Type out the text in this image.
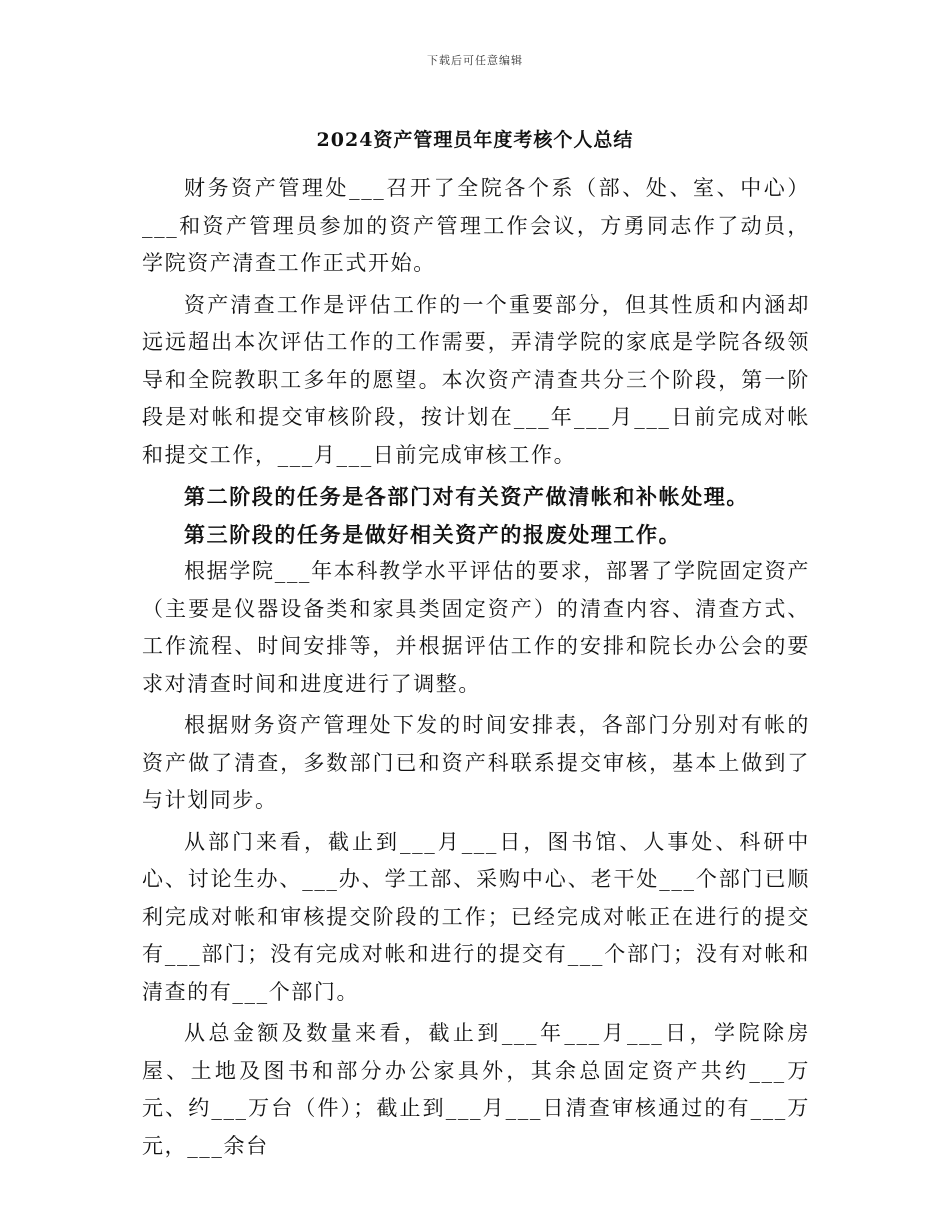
下载后可任意编辑
2024资产管理员年度考核个人总结

财务资产管理处___召开了全院各个系（部、处、室、中心）___和资产管理员参加的资产管理工作会议，方勇同志作了动员，学院资产清查工作正式开始。

资产清查工作是评估工作的一个重要部分，但其性质和内涵却远远超出本次评估工作的工作需要，弄清学院的家底是学院各级领导和全院教职工多年的愿望。本次资产清查共分三个阶段，第一阶段是对帐和提交审核阶段，按计划在___年___月___日前完成对帐和提交工作，___月___日前完成审核工作。

第二阶段的任务是各部门对有关资产做清帐和补帐处理。

第三阶段的任务是做好相关资产的报废处理工作。

根据学院___年本科教学水平评估的要求，部署了学院固定资产（主要是仪器设备类和家具类固定资产）的清查内容、清查方式、工作流程、时间安排等，并根据评估工作的安排和院长办公会的要求对清查时间和进度进行了调整。

根据财务资产管理处下发的时间安排表，各部门分别对有帐的资产做了清查，多数部门已和资产科联系提交审核，基本上做到了与计划同步。

从部门来看，截止到___月___日，图书馆、人事处、科研中心、讨论生办、___办、学工部、采购中心、老干处___个部门已顺利完成对帐和审核提交阶段的工作；已经完成对帐正在进行的提交有___部门；没有完成对帐和进行的提交有___个部门；没有对帐和清查的有___个部门。

从总金额及数量来看，截止到___年___月___日，学院除房屋、土地及图书和部分办公家具外，其余总固定资产共约___万元、约___万台（件）；截止到___月___日清查审核通过的有___万元，___余台
